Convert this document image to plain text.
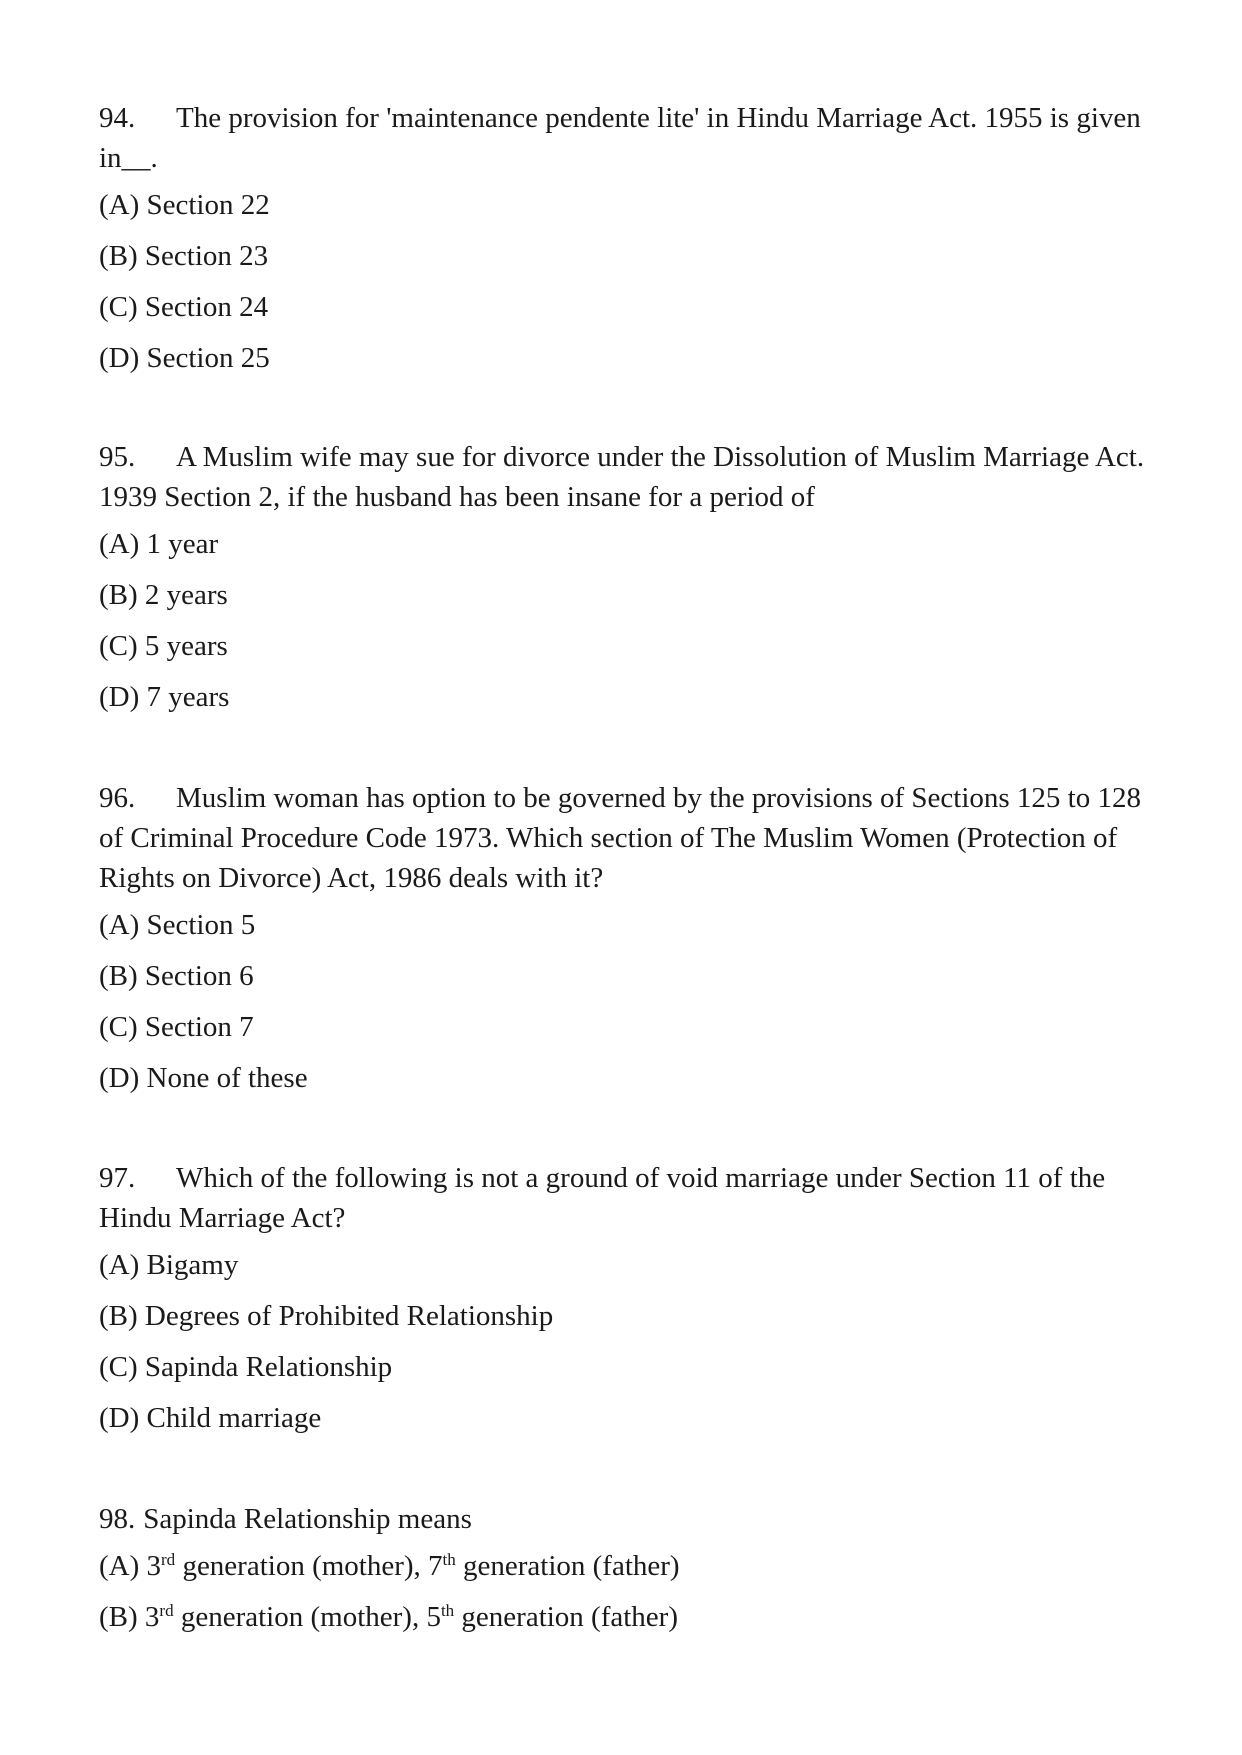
94. The provision for 'maintenance pendente lite' in Hindu Marriage Act. 1955 is given in__.

(A) Section 22

(B) Section 23

(C) Section 24

(D) Section 25

95. A Muslim wife may sue for divorce under the Dissolution of Muslim Marriage Act. 1939 Section 2, if the husband has been insane for a period of

(A) 1 year

(B) 2 years

(C) 5 years

(D) 7 years

96. Muslim woman has option to be governed by the provisions of Sections 125 to 128 of Criminal Procedure Code 1973. Which section of The Muslim Women (Protection of Rights on Divorce) Act, 1986 deals with it?

(A) Section 5

(B) Section 6

(C) Section 7

(D) None of these

97. Which of the following is not a ground of void marriage under Section 11 of the Hindu Marriage Act?

(A) Bigamy

(B) Degrees of Prohibited Relationship

(C) Sapinda Relationship

(D) Child marriage

98. Sapinda Relationship means

(A) 3rd generation (mother), 7th generation (father)

(B) 3rd generation (mother), 5th generation (father)
